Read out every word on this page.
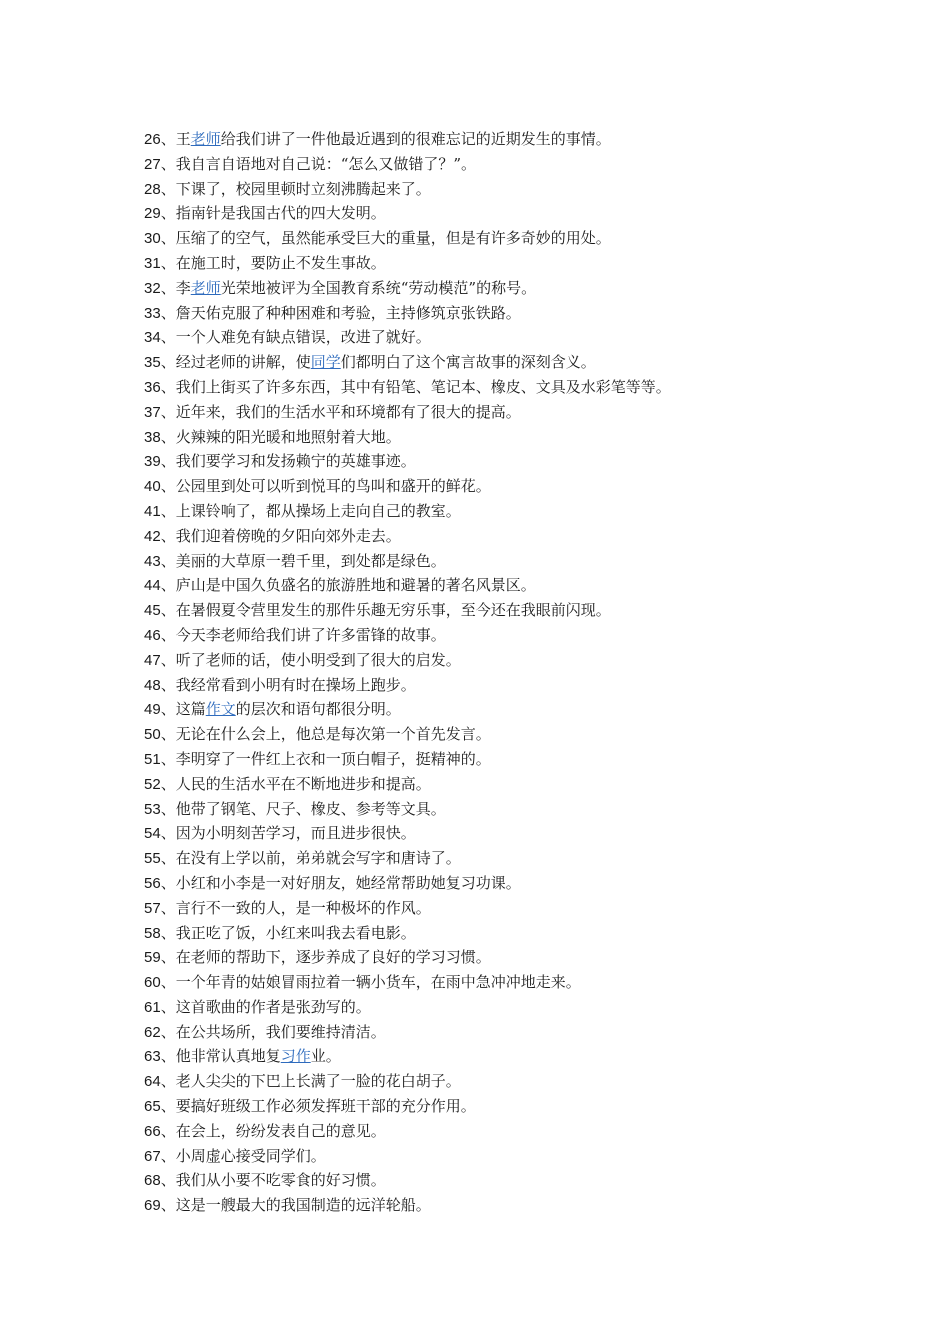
26、王老师给我们讲了一件他最近遇到的很难忘记的近期发生的事情。
27、我自言自语地对自己说：“怎么又做错了？”。
28、下课了，校园里顿时立刻沸腾起来了。
29、指南针是我国古代的四大发明。
30、压缩了的空气，虽然能承受巨大的重量，但是有许多奇妙的用处。
31、在施工时，要防止不发生事故。
32、李老师光荣地被评为全国教育系统“劳动模范”的称号。
33、詹天佑克服了种种困难和考验，主持修筑京张铁路。
34、一个人难免有缺点错误，改进了就好。
35、经过老师的讲解，使同学们都明白了这个寓言故事的深刻含义。
36、我们上街买了许多东西，其中有铅笔、笔记本、橡皮、文具及水彩笔等等。
37、近年来，我们的生活水平和环境都有了很大的提高。
38、火辣辣的阳光暖和地照射着大地。
39、我们要学习和发扬赖宁的英雄事迹。
40、公园里到处可以听到悦耳的鸟叫和盛开的鲜花。
41、上课铃响了，都从操场上走向自己的教室。
42、我们迎着傍晚的夕阳向郊外走去。
43、美丽的大草原一碧千里，到处都是绿色。
44、庐山是中国久负盛名的旅游胜地和避暑的著名风景区。
45、在暑假夏令营里发生的那件乐趣无穷乐事，至今还在我眼前闪现。
46、今天李老师给我们讲了许多雷锋的故事。
47、听了老师的话，使小明受到了很大的启发。
48、我经常看到小明有时在操场上跑步。
49、这篇作文的层次和语句都很分明。
50、无论在什么会上，他总是每次第一个首先发言。
51、李明穿了一件红上衣和一顶白帽子，挺精神的。
52、人民的生活水平在不断地进步和提高。
53、他带了钢笔、尺子、橡皮、参考等文具。
54、因为小明刻苦学习，而且进步很快。
55、在没有上学以前，弟弟就会写字和唐诗了。
56、小红和小李是一对好朋友，她经常帮助她复习功课。
57、言行不一致的人，是一种极坏的作风。
58、我正吃了饭，小红来叫我去看电影。
59、在老师的帮助下，逐步养成了良好的学习习惯。
60、一个年青的姑娘冒雨拉着一辆小货车，在雨中急冲冲地走来。
61、这首歌曲的作者是张劲写的。
62、在公共场所，我们要维持清洁。
63、他非常认真地复习作业。
64、老人尖尖的下巴上长满了一脸的花白胡子。
65、要搞好班级工作必须发挥班干部的充分作用。
66、在会上，纷纷发表自己的意见。
67、小周虚心接受同学们。
68、我们从小要不吃零食的好习惯。
69、这是一艘最大的我国制造的远洋轮船。
